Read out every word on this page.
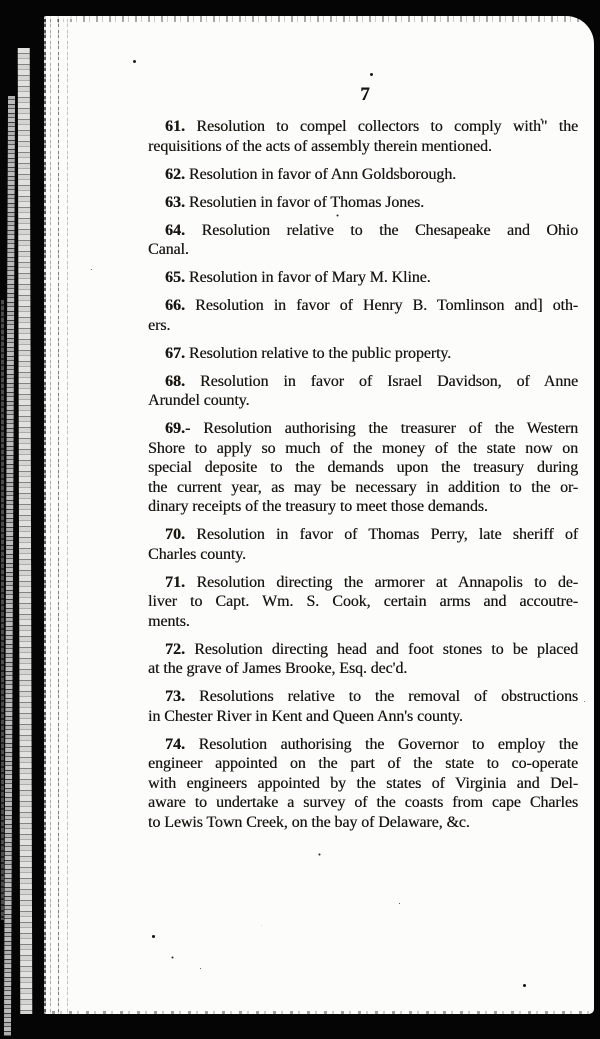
7
61. Resolution to compel collectors to comply with" the
requisitions of the acts of assembly therein mentioned.
62. Resolution in favor of Ann Goldsborough.
63. Resolutien in favor of Thomas Jones.
64. Resolution relative to the Chesapeake and Ohio
Canal.
65. Resolution in favor of Mary M. Kline.
66. Resolution in favor of Henry B. Tomlinson and] oth-
ers.
67. Resolution relative to the public property.
68. Resolution in favor of Israel Davidson, of Anne
Arundel county.
69.- Resolution authorising the treasurer of the Western
Shore to apply so much of the money of the state now on
special deposite to the demands upon the treasury during
the current year, as may be necessary in addition to the or-
dinary receipts of the treasury to meet those demands.
70. Resolution in favor of Thomas Perry, late sheriff of
Charles county.
71. Resolution directing the armorer at Annapolis to de-
liver to Capt. Wm. S. Cook, certain arms and accoutre-
ments.
72. Resolution directing head and foot stones to be placed
at the grave of James Brooke, Esq. dec'd.
73. Resolutions relative to the removal of obstructions
in Chester River in Kent and Queen Ann's county.
74. Resolution authorising the Governor to employ the
engineer appointed on the part of the state to co-operate
with engineers appointed by the states of Virginia and Del-
aware to undertake a survey of the coasts from cape Charles
to Lewis Town Creek, on the bay of Delaware, &c.
